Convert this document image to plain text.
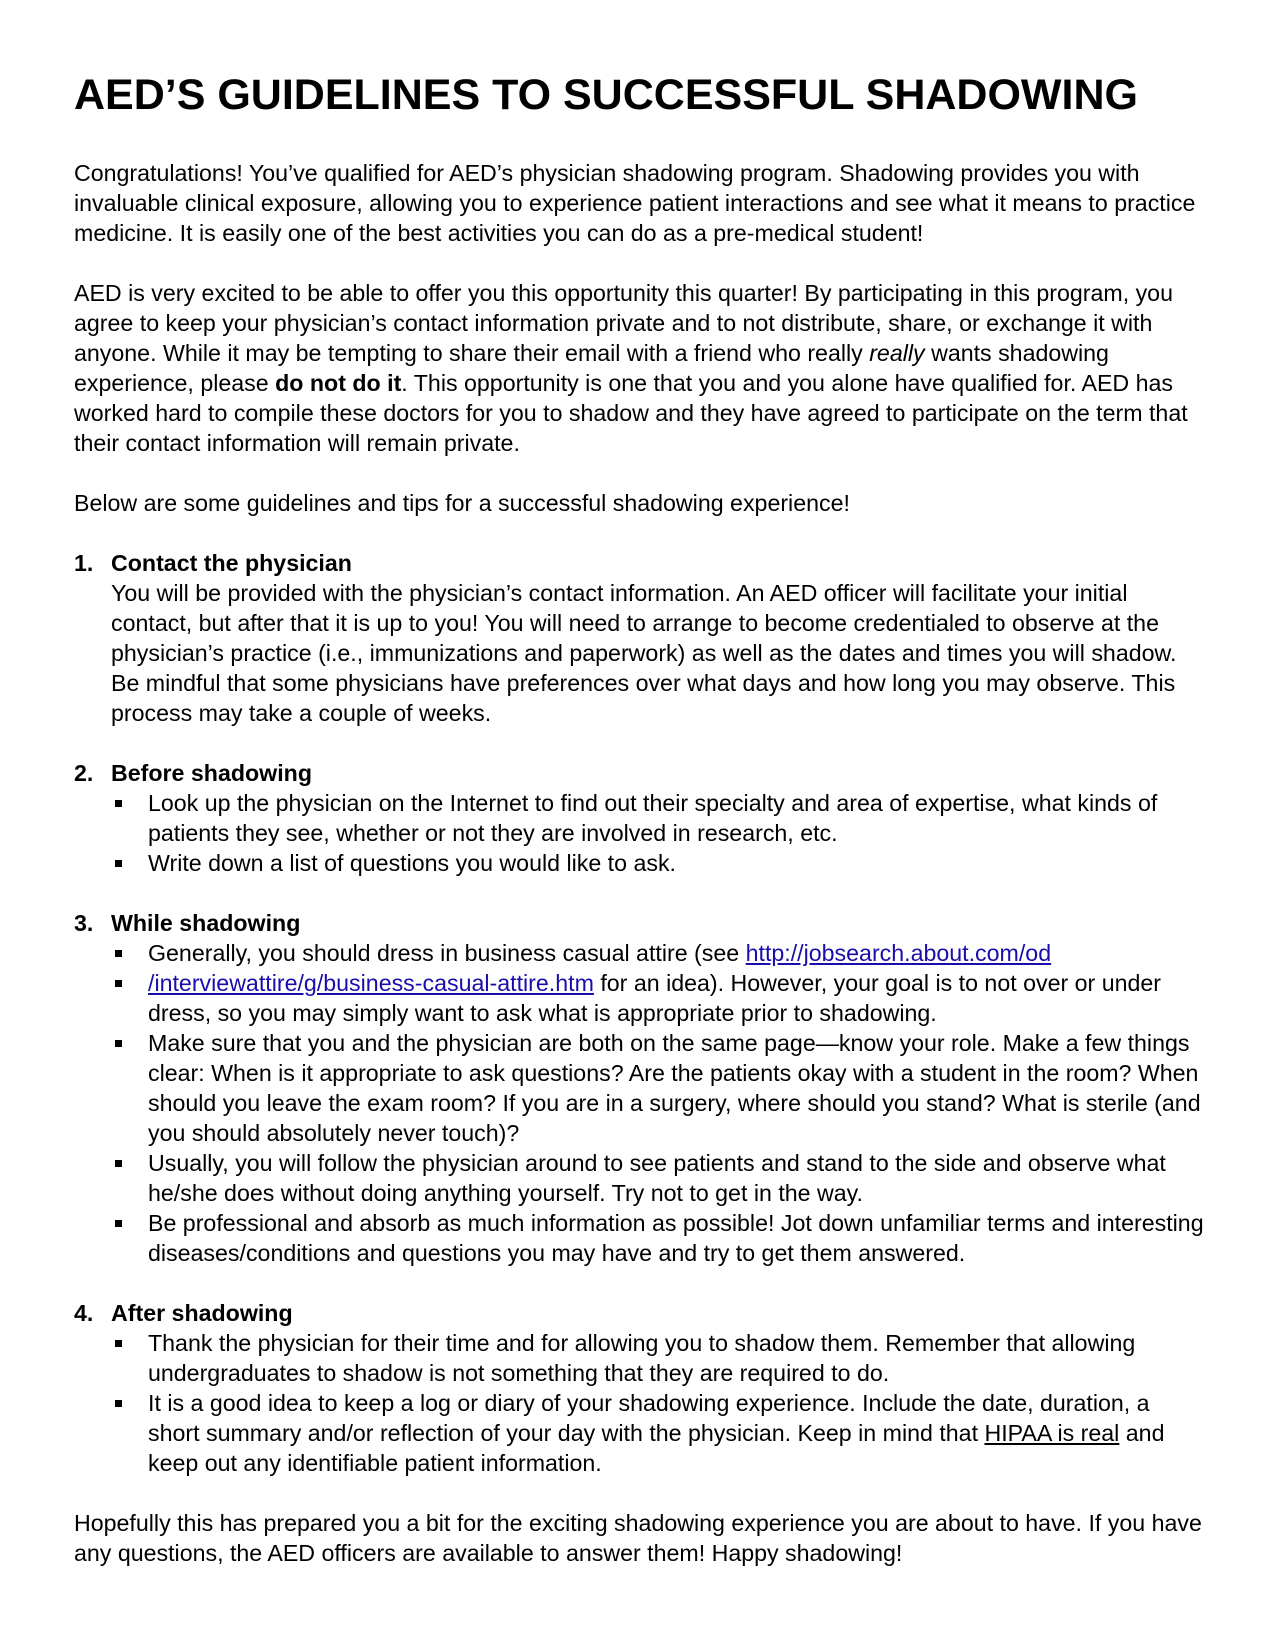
AED’S GUIDELINES TO SUCCESSFUL SHADOWING

Congratulations! You’ve qualified for AED’s physician shadowing program. Shadowing provides you with invaluable clinical exposure, allowing you to experience patient interactions and see what it means to practice medicine. It is easily one of the best activities you can do as a pre-medical student!

AED is very excited to be able to offer you this opportunity this quarter! By participating in this program, you agree to keep your physician’s contact information private and to not distribute, share, or exchange it with anyone. While it may be tempting to share their email with a friend who really really wants shadowing experience, please do not do it. This opportunity is one that you and you alone have qualified for. AED has worked hard to compile these doctors for you to shadow and they have agreed to participate on the term that their contact information will remain private.

Below are some guidelines and tips for a successful shadowing experience!

1. Contact the physician

You will be provided with the physician’s contact information. An AED officer will facilitate your initial contact, but after that it is up to you! You will need to arrange to become credentialed to observe at the physician’s practice (i.e., immunizations and paperwork) as well as the dates and times you will shadow. Be mindful that some physicians have preferences over what days and how long you may observe. This process may take a couple of weeks.

2. Before shadowing
Look up the physician on the Internet to find out their specialty and area of expertise, what kinds of patients they see, whether or not they are involved in research, etc.
Write down a list of questions you would like to ask.
3. While shadowing
Generally, you should dress in business casual attire (see http://jobsearch.about.com/od
/interviewattire/g/business-casual-attire.htm for an idea). However, your goal is to not over or under dress, so you may simply want to ask what is appropriate prior to shadowing.
Make sure that you and the physician are both on the same page—know your role. Make a few things clear: When is it appropriate to ask questions? Are the patients okay with a student in the room? When should you leave the exam room? If you are in a surgery, where should you stand? What is sterile (and you should absolutely never touch)?
Usually, you will follow the physician around to see patients and stand to the side and observe what he/she does without doing anything yourself. Try not to get in the way.
Be professional and absorb as much information as possible! Jot down unfamiliar terms and interesting diseases/conditions and questions you may have and try to get them answered.
4. After shadowing
Thank the physician for their time and for allowing you to shadow them. Remember that allowing undergraduates to shadow is not something that they are required to do.
It is a good idea to keep a log or diary of your shadowing experience. Include the date, duration, a short summary and/or reflection of your day with the physician. Keep in mind that HIPAA is real and keep out any identifiable patient information.

Hopefully this has prepared you a bit for the exciting shadowing experience you are about to have. If you have any questions, the AED officers are available to answer them! Happy shadowing!
